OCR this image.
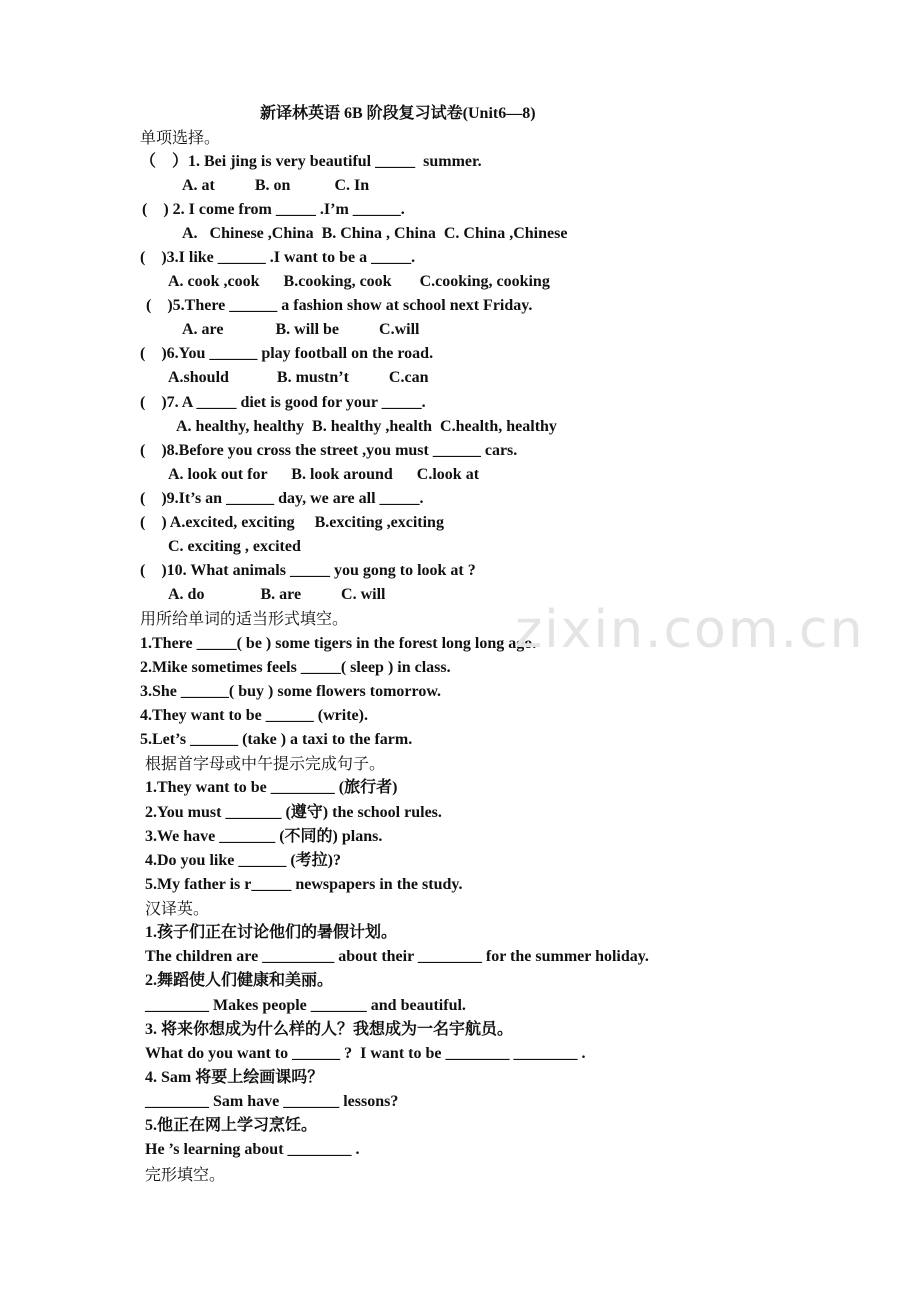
新译林英语 6B 阶段复习试卷(Unit6—8)
单项选择。
（    ）1. Bei jing is very beautiful _____  summer.
A. at          B. on           C. In
(    ) 2. I come from _____ .I’m ______.
A.   Chinese ,China  B. China , China  C. China ,Chinese
(    )3.I like ______ .I want to be a _____.
A. cook ,cook      B.cooking, cook       C.cooking, cooking
(    )5.There ______ a fashion show at school next Friday.
A. are             B. will be          C.will
(    )6.You ______ play football on the road.
A.should            B. mustn’t          C.can
(    )7. A _____ diet is good for your _____.
A. healthy, healthy  B. healthy ,health  C.health, healthy
(    )8.Before you cross the street ,you must ______ cars.
A. look out for      B. look around      C.look at
(    )9.It’s an ______ day, we are all _____.
(    ) A.excited, exciting     B.exciting ,exciting
C. exciting , excited
(    )10. What animals _____ you gong to look at ?
A. do              B. are          C. will
用所给单词的适当形式填空。
1.There _____( be ) some tigers in the forest long long ago.
2.Mike sometimes feels _____( sleep ) in class.
3.She ______( buy ) some flowers tomorrow.
4.They want to be ______ (write).
5.Let’s ______ (take ) a taxi to the farm.
根据首字母或中午提示完成句子。
1.They want to be ________ (旅行者)
2.You must _______ (遵守) the school rules.
3.We have _______ (不同的) plans.
4.Do you like ______ (考拉)?
5.My father is r_____ newspapers in the study.
汉译英。
1.孩子们正在讨论他们的暑假计划。
The children are _________ about their ________ for the summer holiday.
2.舞蹈使人们健康和美丽。
________ Makes people _______ and beautiful.
3. 将来你想成为什么样的人？我想成为一名宇航员。
What do you want to ______ ?  I want to be ________ ________ .
4. Sam 将要上绘画课吗？
________ Sam have _______ lessons?
5.他正在网上学习烹饪。
He ’s learning about ________ .
完形填空。
zixin.com.cn
